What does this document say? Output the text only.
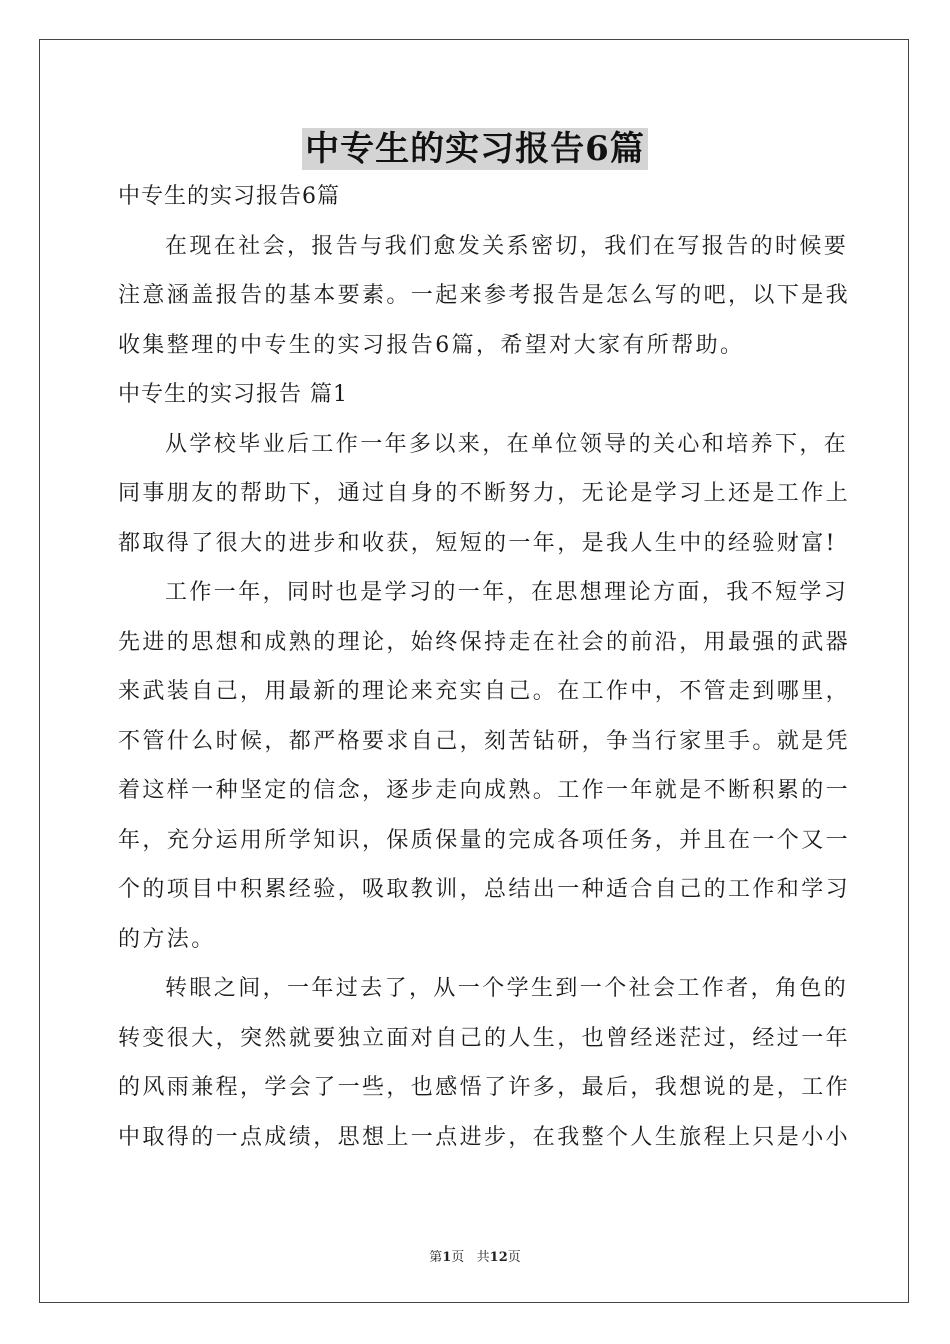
中专生的实习报告6篇
中专生的实习报告6篇
在现在社会，报告与我们愈发关系密切，我们在写报告的时候要
注意涵盖报告的基本要素。一起来参考报告是怎么写的吧，以下是我
收集整理的中专生的实习报告6篇，希望对大家有所帮助。
中专生的实习报告 篇1
从学校毕业后工作一年多以来，在单位领导的关心和培养下，在
同事朋友的帮助下，通过自身的不断努力，无论是学习上还是工作上
都取得了很大的进步和收获，短短的一年，是我人生中的经验财富!
工作一年，同时也是学习的一年，在思想理论方面，我不短学习
先进的思想和成熟的理论，始终保持走在社会的前沿，用最强的武器
来武装自己，用最新的理论来充实自己。在工作中，不管走到哪里，
不管什么时候，都严格要求自己，刻苦钻研，争当行家里手。就是凭
着这样一种坚定的信念，逐步走向成熟。工作一年就是不断积累的一
年，充分运用所学知识，保质保量的完成各项任务，并且在一个又一
个的项目中积累经验，吸取教训，总结出一种适合自己的工作和学习
的方法。
转眼之间，一年过去了，从一个学生到一个社会工作者，角色的
转变很大，突然就要独立面对自己的人生，也曾经迷茫过，经过一年
的风雨兼程，学会了一些，也感悟了许多，最后，我想说的是，工作
中取得的一点成绩，思想上一点进步，在我整个人生旅程上只是小小
第1页   共12页
